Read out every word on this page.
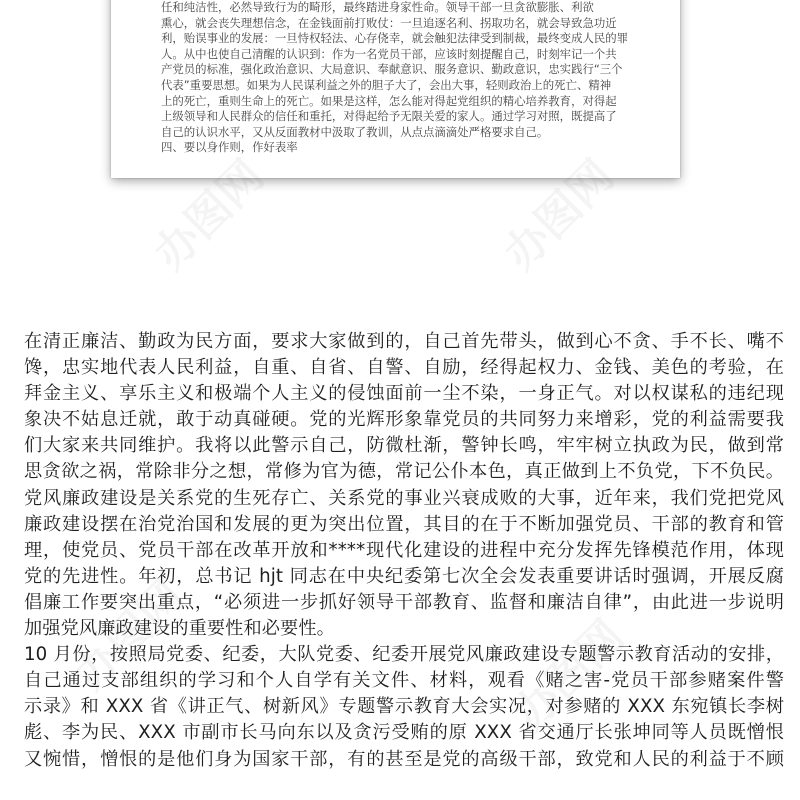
任和纯洁性，必然导致行为的畸形，最终踏进身家性命。领导干部一旦贪欲膨胀、利欲
熏心，就会丧失理想信念，在金钱面前打败仗：一旦追逐名利、拐取功名，就会导致急功近
利，贻误事业的发展：一旦恃权轻法、心存侥幸，就会触犯法律受到制裁，最终变成人民的罪
人。从中也使自己清醒的认识到：作为一名党员干部，应该时刻提醒自己，时刻牢记一个共
产党员的标准，强化政治意识、大局意识、奉献意识、服务意识、勤政意识，忠实践行“三个
代表”重要思想。如果为人民谋利益之外的胆子大了，会出大事，轻则政治上的死亡、精神
上的死亡，重则生命上的死亡。如果是这样，怎么能对得起党组织的精心培养教育，对得起
上级领导和人民群众的信任和重托，对得起给予无限关爱的家人。通过学习对照，既提高了
自己的认识水平，又从反面教材中汲取了教训，从点点滴滴处严格要求自己。
四、要以身作则，作好表率
在清正廉洁、勤政为民方面，要求大家做到的，自己首先带头，做到心不贪、手不长、嘴不
馋，忠实地代表人民利益，自重、自省、自警、自励，经得起权力、金钱、美色的考验，在
拜金主义、享乐主义和极端个人主义的侵蚀面前一尘不染，一身正气。对以权谋私的违纪现
象决不姑息迁就，敢于动真碰硬。党的光辉形象靠党员的共同努力来增彩，党的利益需要我
们大家来共同维护。我将以此警示自己，防微杜渐，警钟长鸣，牢牢树立执政为民，做到常
思贪欲之祸，常除非分之想，常修为官为德，常记公仆本色，真正做到上不负党，下不负民。
党风廉政建设是关系党的生死存亡、关系党的事业兴衰成败的大事，近年来，我们党把党风
廉政建设摆在治党治国和发展的更为突出位置，其目的在于不断加强党员、干部的教育和管
理，使党员、党员干部在改革开放和****现代化建设的进程中充分发挥先锋模范作用，体现
党的先进性。年初，总书记 hjt 同志在中央纪委第七次全会发表重要讲话时强调，开展反腐
倡廉工作要突出重点，“必须进一步抓好领导干部教育、监督和廉洁自律”，由此进一步说明
加强党风廉政建设的重要性和必要性。
10 月份，按照局党委、纪委，大队党委、纪委开展党风廉政建设专题警示教育活动的安排，
自己通过支部组织的学习和个人自学有关文件、材料，观看《赌之害-党员干部参赌案件警
示录》和 XXX 省《讲正气、树新风》专题警示教育大会实况，对参赌的 XXX 东宛镇长李树
彪、李为民、XXX 市副市长马向东以及贪污受贿的原 XXX 省交通厅长张坤同等人员既憎恨
又惋惜，憎恨的是他们身为国家干部，有的甚至是党的高级干部，致党和人民的利益于不顾
